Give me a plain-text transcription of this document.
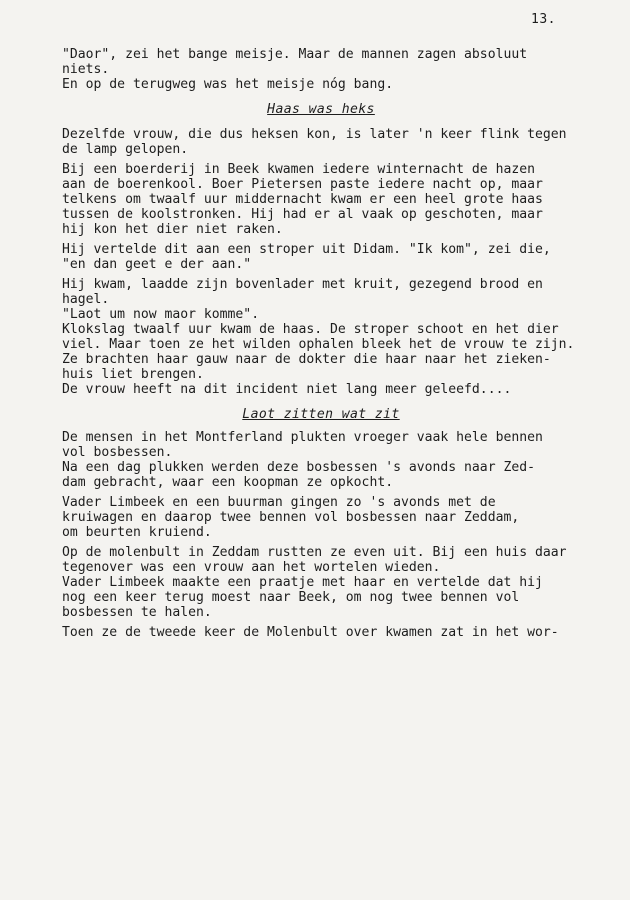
13.

"Daor", zei het bange meisje. Maar de mannen zagen absoluut
niets.

En op de terugweg was het meisje nóg bang.

Haas was heks

Dezelfde vrouw, die dus heksen kon, is later 'n keer flink tegen
de lamp gelopen.

Bij een boerderij in Beek kwamen iedere winternacht de hazen
aan de boerenkool. Boer Pietersen paste iedere nacht op, maar
telkens om twaalf uur middernacht kwam er een heel grote haas
tussen de koolstronken. Hij had er al vaak op geschoten, maar
hij kon het dier niet raken.

Hij vertelde dit aan een stroper uit Didam. "Ik kom", zei die,
"en dan geet e der aan."

Hij kwam, laadde zijn bovenlader met kruit, gezegend brood en
hagel.

"Laot um now maor komme".

Klokslag twaalf uur kwam de haas. De stroper schoot en het dier
viel. Maar toen ze het wilden ophalen bleek het de vrouw te zijn.
Ze brachten haar gauw naar de dokter die haar naar het zieken-
huis liet brengen.

De vrouw heeft na dit incident niet lang meer geleefd....

Laot zitten wat zit

De mensen in het Montferland plukten vroeger vaak hele bennen
vol bosbessen.

Na een dag plukken werden deze bosbessen 's avonds naar Zed-
dam gebracht, waar een koopman ze opkocht.

Vader Limbeek en een buurman gingen zo 's avonds met de
kruiwagen en daarop twee bennen vol bosbessen naar Zeddam,
om beurten kruiend.

Op de molenbult in Zeddam rustten ze even uit. Bij een huis daar
tegenover was een vrouw aan het wortelen wieden.

Vader Limbeek maakte een praatje met haar en vertelde dat hij
nog een keer terug moest naar Beek, om nog twee bennen vol
bosbessen te halen.

Toen ze de tweede keer de Molenbult over kwamen zat in het wor-
